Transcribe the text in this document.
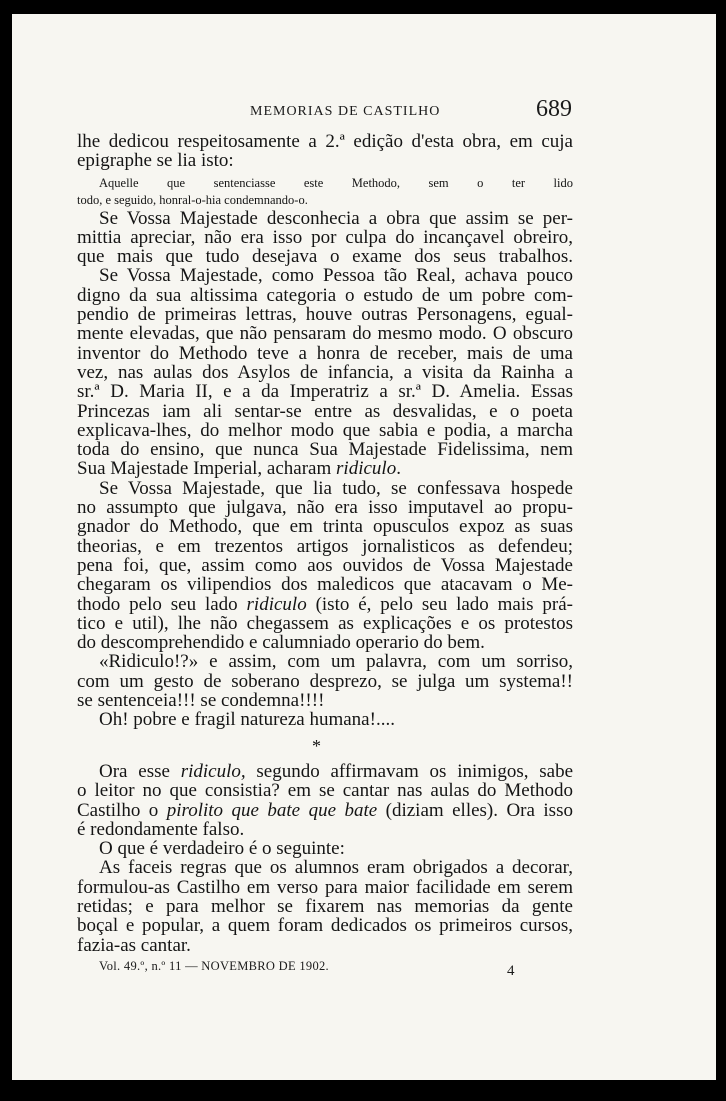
MEMORIAS DE CASTILHO	689
lhe dedicou respeitosamente a 2.ª edição d'esta obra, em cuja
epigraphe se lia isto:
Aquelle que sentenciasse este Methodo, sem o ter lido
todo, e seguido, honral-o-hia condemnando-o.
Se Vossa Majestade desconhecia a obra que assim se per-
mittia apreciar, não era isso por culpa do incançavel obreiro,
que mais que tudo desejava o exame dos seus trabalhos.
Se Vossa Majestade, como Pessoa tão Real, achava pouco
digno da sua altissima categoria o estudo de um pobre com-
pendio de primeiras lettras, houve outras Personagens, egual-
mente elevadas, que não pensaram do mesmo modo. O obscuro
inventor do Methodo teve a honra de receber, mais de uma
vez, nas aulas dos Asylos de infancia, a visita da Rainha a
sr.ª D. Maria II, e a da Imperatriz a sr.ª D. Amelia. Essas
Princezas iam ali sentar-se entre as desvalidas, e o poeta
explicava-lhes, do melhor modo que sabia e podia, a marcha
toda do ensino, que nunca Sua Majestade Fidelissima, nem
Sua Majestade Imperial, acharam ridiculo.
Se Vossa Majestade, que lia tudo, se confessava hospede
no assumpto que julgava, não era isso imputavel ao propu-
gnador do Methodo, que em trinta opusculos expoz as suas
theorias, e em trezentos artigos jornalisticos as defendeu;
pena foi, que, assim como aos ouvidos de Vossa Majestade
chegaram os vilipendios dos maledicos que atacavam o Me-
thodo pelo seu lado ridiculo (isto é, pelo seu lado mais prá-
tico e util), lhe não chegassem as explicações e os protestos
do descomprehendido e calumniado operario do bem.
«Ridiculo!?» e assim, com um palavra, com um sorriso,
com um gesto de soberano desprezo, se julga um systema!!
se sentenceia!!! se condemna!!!!
Oh! pobre e fragil natureza humana!....
*
Ora esse ridiculo, segundo affirmavam os inimigos, sabe
o leitor no que consistia? em se cantar nas aulas do Methodo
Castilho o pirolito que bate que bate (diziam elles). Ora isso
é redondamente falso.
O que é verdadeiro é o seguinte:
As faceis regras que os alumnos eram obrigados a decorar,
formulou-as Castilho em verso para maior facilidade em serem
retidas; e para melhor se fixarem nas memorias da gente
boçal e popular, a quem foram dedicados os primeiros cursos,
fazia-as cantar.
Vol. 49.º, n.º 11 — NOVEMBRO DE 1902.	4
